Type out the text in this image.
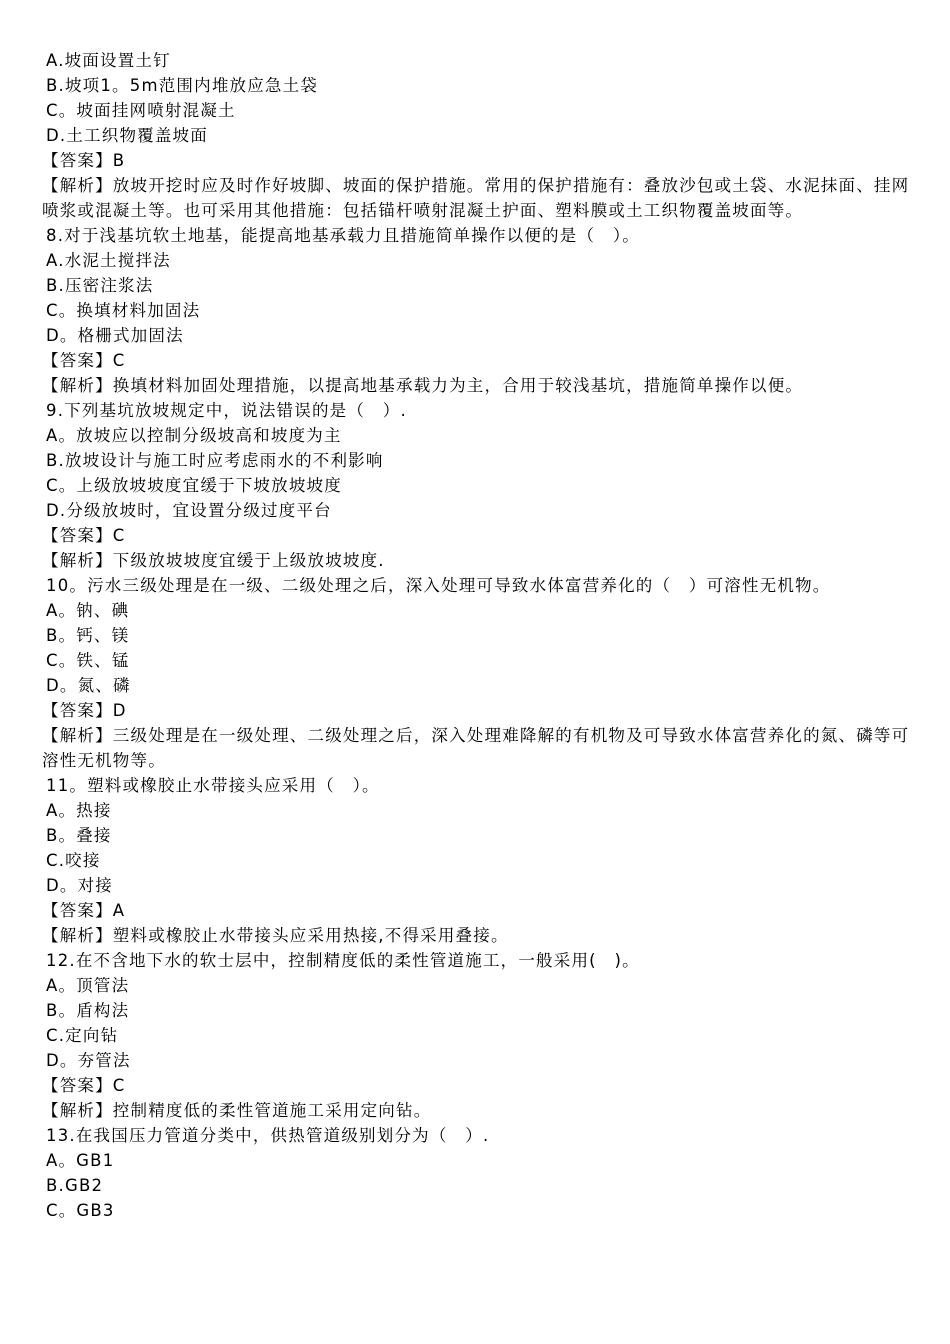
A.坡面设置土钉

B.坡项1。5m范围内堆放应急土袋

C。坡面挂网喷射混凝土

D.土工织物覆盖坡面

【答案】B

【解析】放坡开挖时应及时作好坡脚、坡面的保护措施。常用的保护措施有：叠放沙包或土袋、水泥抹面、挂网喷浆或混凝土等。也可采用其他措施：包括锚杆喷射混凝土护面、塑料膜或土工织物覆盖坡面等。

8.对于浅基坑软土地基，能提高地基承载力且措施简单操作以便的是（　）。

A.水泥土搅拌法

B.压密注浆法

C。换填材料加固法

D。格栅式加固法

【答案】C

【解析】换填材料加固处理措施，以提高地基承载力为主，合用于较浅基坑，措施简单操作以便。

9.下列基坑放坡规定中，说法错误的是（　）.

A。放坡应以控制分级坡高和坡度为主

B.放坡设计与施工时应考虑雨水的不利影响

C。上级放坡坡度宜缓于下坡放坡坡度

D.分级放坡时，宜设置分级过度平台

【答案】C

【解析】下级放坡坡度宜缓于上级放坡坡度.

10。污水三级处理是在一级、二级处理之后，深入处理可导致水体富营养化的（　）可溶性无机物。

A。钠、碘

B。钙、镁

C。铁、锰

D。氮、磷

【答案】D

【解析】三级处理是在一级处理、二级处理之后，深入处理难降解的有机物及可导致水体富营养化的氮、磷等可溶性无机物等。

11。塑料或橡胶止水带接头应采用（　）。

A。热接

B。叠接

C.咬接

D。对接

【答案】A

【解析】塑料或橡胶止水带接头应采用热接,不得采用叠接。

12.在不含地下水的软士层中，控制精度低的柔性管道施工，一般采用(　)。

A。顶管法

B。盾构法

C.定向钻

D。夯管法

【答案】C

【解析】控制精度低的柔性管道施工采用定向钻。

13.在我国压力管道分类中，供热管道级别划分为（　）.

A。GB1

B.GB2

C。GB3
